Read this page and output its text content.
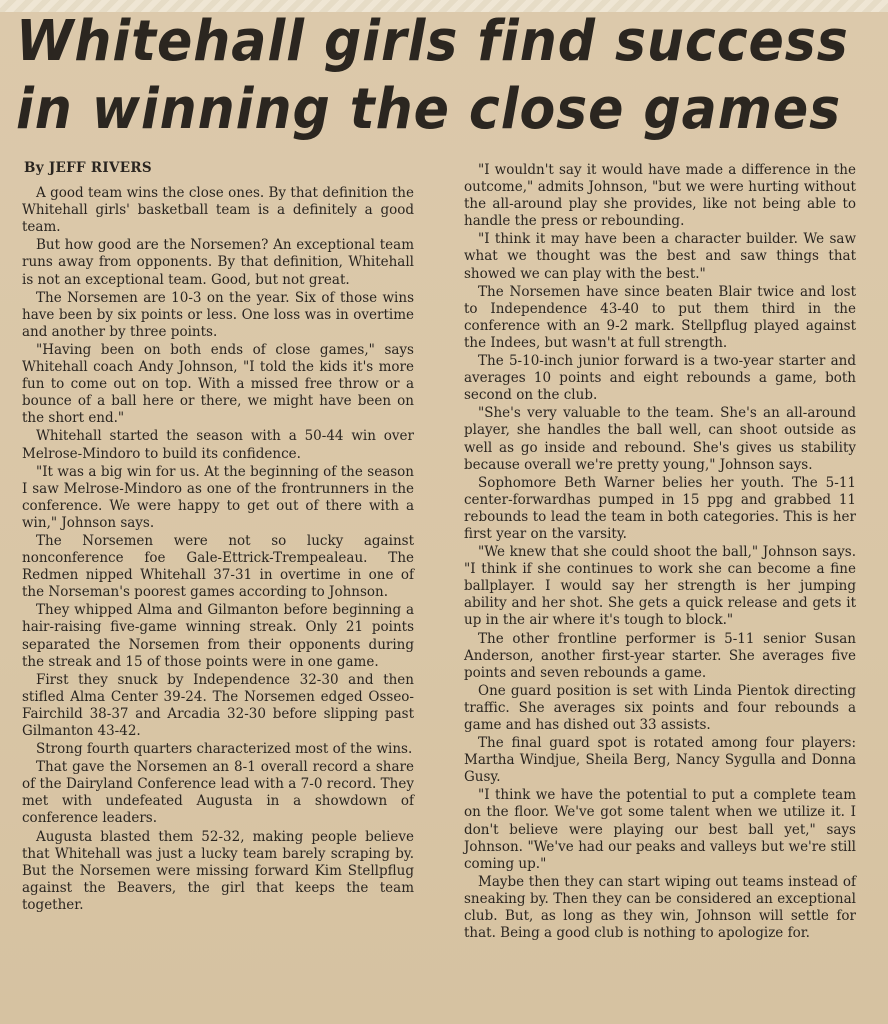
Whitehall girls find success
in winning the close games
By JEFF RIVERS

A good team wins the close ones. By that definition the Whitehall girls' basketball team is a definitely a good team.

But how good are the Norsemen? An exceptional team runs away from opponents. By that definition, Whitehall is not an exceptional team. Good, but not great.

The Norsemen are 10-3 on the year. Six of those wins have been by six points or less. One loss was in overtime and another by three points.

"Having been on both ends of close games," says Whitehall coach Andy Johnson, "I told the kids it's more fun to come out on top. With a missed free throw or a bounce of a ball here or there, we might have been on the short end."

Whitehall started the season with a 50-44 win over Melrose-Mindoro to build its confidence.

"It was a big win for us. At the beginning of the season I saw Melrose-Mindoro as one of the frontrunners in the conference. We were happy to get out of there with a win," Johnson says.

The Norsemen were not so lucky against nonconference foe Gale-Ettrick-Trempealeau. The Redmen nipped Whitehall 37-31 in overtime in one of the Norseman's poorest games according to Johnson.

They whipped Alma and Gilmanton before beginning a hair-raising five-game winning streak. Only 21 points separated the Norsemen from their opponents during the streak and 15 of those points were in one game.

First they snuck by Independence 32-30 and then stifled Alma Center 39-24. The Norsemen edged Osseo-Fairchild 38-37 and Arcadia 32-30 before slipping past Gilmanton 43-42.

Strong fourth quarters characterized most of the wins.

That gave the Norsemen an 8-1 overall record a share of the Dairyland Conference lead with a 7-0 record. They met with undefeated Augusta in a showdown of conference leaders.

Augusta blasted them 52-32, making people believe that Whitehall was just a lucky team barely scraping by. But the Norsemen were missing forward Kim Stellpflug against the Beavers, the girl that keeps the team together.

"I wouldn't say it would have made a difference in the outcome," admits Johnson, "but we were hurting without the all-around play she provides, like not being able to handle the press or rebounding.

"I think it may have been a character builder. We saw what we thought was the best and saw things that showed we can play with the best."

The Norsemen have since beaten Blair twice and lost to Independence 43-40 to put them third in the conference with an 9-2 mark. Stellpflug played against the Indees, but wasn't at full strength.

The 5-10-inch junior forward is a two-year starter and averages 10 points and eight rebounds a game, both second on the club.

"She's very valuable to the team. She's an all-around player, she handles the ball well, can shoot outside as well as go inside and rebound. She's gives us stability because overall we're pretty young," Johnson says.

Sophomore Beth Warner belies her youth. The 5-11 center-forwardhas pumped in 15 ppg and grabbed 11 rebounds to lead the team in both categories. This is her first year on the varsity.

"We knew that she could shoot the ball," Johnson says. "I think if she continues to work she can become a fine ballplayer. I would say her strength is her jumping ability and her shot. She gets a quick release and gets it up in the air where it's tough to block."

The other frontline performer is 5-11 senior Susan Anderson, another first-year starter. She averages five points and seven rebounds a game.

One guard position is set with Linda Pientok directing traffic. She averages six points and four rebounds a game and has dished out 33 assists.

The final guard spot is rotated among four players: Martha Windjue, Sheila Berg, Nancy Sygulla and Donna Gusy.

"I think we have the potential to put a complete team on the floor. We've got some talent when we utilize it. I don't believe were playing our best ball yet," says Johnson. "We've had our peaks and valleys but we're still coming up."

Maybe then they can start wiping out teams instead of sneaking by. Then they can be considered an exceptional club. But, as long as they win, Johnson will settle for that. Being a good club is nothing to apologize for.
